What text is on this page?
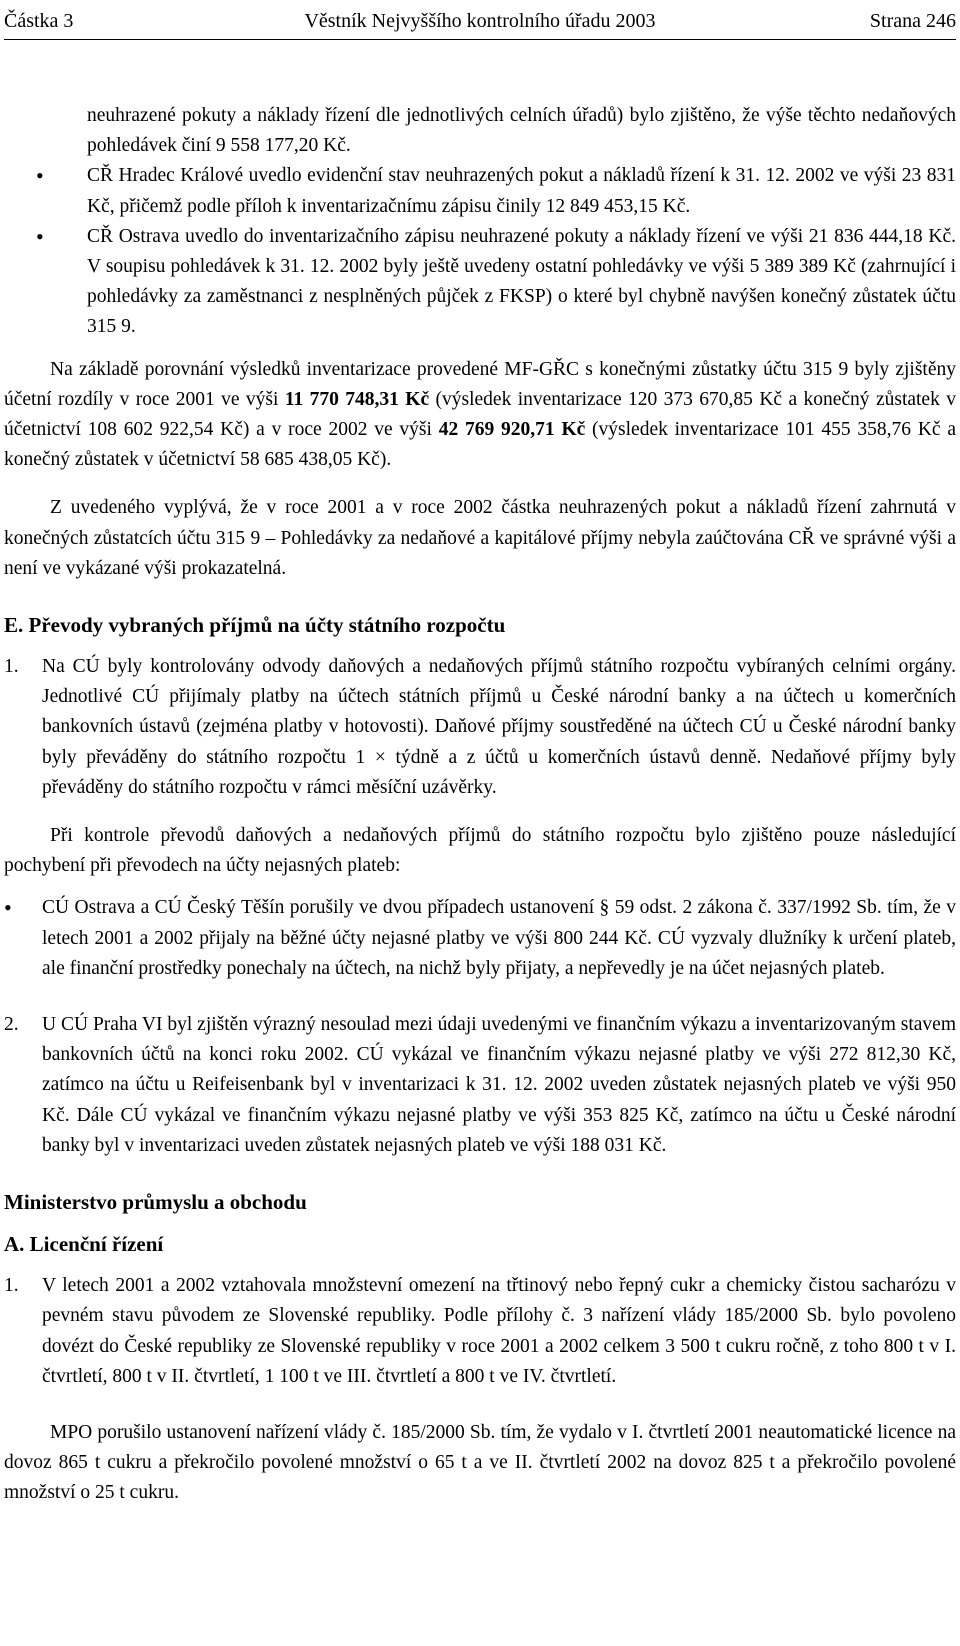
Částka 3	Věstník Nejvyššího kontrolního úřadu 2003	Strana 246

neuhrazené pokuty a náklady řízení dle jednotlivých celních úřadů) bylo zjištěno, že výše těchto nedaňových pohledávek činí 9 558 177,20 Kč.

• CŘ Hradec Králové uvedlo evidenční stav neuhrazených pokut a nákladů řízení k 31. 12. 2002 ve výši 23 831 Kč, přičemž podle příloh k inventarizačnímu zápisu činily 12 849 453,15 Kč.

• CŘ Ostrava uvedlo do inventarizačního zápisu neuhrazené pokuty a náklady řízení ve výši 21 836 444,18 Kč. V soupisu pohledávek k 31. 12. 2002 byly ještě uvedeny ostatní pohledávky ve výši 5 389 389 Kč (zahrnující i pohledávky za zaměstnanci z nesplněných půjček z FKSP) o které byl chybně navýšen konečný zůstatek účtu 315 9.

Na základě porovnání výsledků inventarizace provedené MF-GŘC s konečnými zůstatky účtu 315 9 byly zjištěny účetní rozdíly v roce 2001 ve výši 11 770 748,31 Kč (výsledek inventarizace 120 373 670,85 Kč a konečný zůstatek v účetnictví 108 602 922,54 Kč) a v roce 2002 ve výši 42 769 920,71 Kč (výsledek inventarizace 101 455 358,76 Kč a konečný zůstatek v účetnictví 58 685 438,05 Kč).

Z uvedeného vyplývá, že v roce 2001 a v roce 2002 částka neuhrazených pokut a nákladů řízení zahrnutá v konečných zůstatcích účtu 315 9 – Pohledávky za nedaňové a kapitálové příjmy nebyla zaúčtována CŘ ve správné výši a není ve vykázané výši prokazatelná.

E. Převody vybraných příjmů na účty státního rozpočtu
1. Na CÚ byly kontrolovány odvody daňových a nedaňových příjmů státního rozpočtu vybíraných celními orgány. Jednotlivé CÚ přijímaly platby na účtech státních příjmů u České národní banky a na účtech u komerčních bankovních ústavů (zejména platby v hotovosti). Daňové příjmy soustředěné na účtech CÚ u České národní banky byly převáděny do státního rozpočtu 1 × týdně a z účtů u komerčních ústavů denně. Nedaňové příjmy byly převáděny do státního rozpočtu v rámci měsíční uzávěrky.

Při kontrole převodů daňových a nedaňových příjmů do státního rozpočtu bylo zjištěno pouze následující pochybení při převodech na účty nejasných plateb:

• CÚ Ostrava a CÚ Český Těšín porušily ve dvou případech ustanovení § 59 odst. 2 zákona č. 337/1992 Sb. tím, že v letech 2001 a 2002 přijaly na běžné účty nejasné platby ve výši 800 244 Kč. CÚ vyzvaly dlužníky k určení plateb, ale finanční prostředky ponechaly na účtech, na nichž byly přijaty, a nepřevedly je na účet nejasných plateb.

2. U CÚ Praha VI byl zjištěn výrazný nesoulad mezi údaji uvedenými ve finančním výkazu a inventarizovaným stavem bankovních účtů na konci roku 2002. CÚ vykázal ve finančním výkazu nejasné platby ve výši 272 812,30 Kč, zatímco na účtu u Reifeisenbank byl v inventarizaci k 31. 12. 2002 uveden zůstatek nejasných plateb ve výši 950 Kč. Dále CÚ vykázal ve finančním výkazu nejasné platby ve výši 353 825 Kč, zatímco na účtu u České národní banky byl v inventarizaci uveden zůstatek nejasných plateb ve výši 188 031 Kč.

Ministerstvo průmyslu a obchodu
A. Licenční řízení
1. V letech 2001 a 2002 vztahovala množstevní omezení na třtinový nebo řepný cukr a chemicky čistou sacharózu v pevném stavu původem ze Slovenské republiky. Podle přílohy č. 3 nařízení vlády 185/2000 Sb. bylo povoleno dovézt do České republiky ze Slovenské republiky v roce 2001 a 2002 celkem 3 500 t cukru ročně, z toho 800 t v I. čtvrtletí, 800 t v II. čtvrtletí, 1 100 t ve III. čtvrtletí a 800 t ve IV. čtvrtletí.

MPO porušilo ustanovení nařízení vlády č. 185/2000 Sb. tím, že vydalo v I. čtvrtletí 2001 neautomatické licence na dovoz 865 t cukru a překročilo povolené množství o 65 t a ve II. čtvrtletí 2002 na dovoz 825 t a překročilo povolené množství o 25 t cukru.
